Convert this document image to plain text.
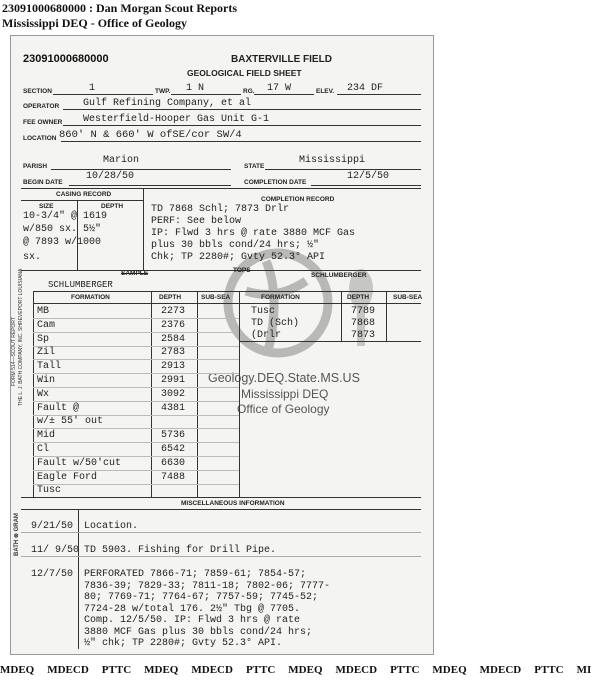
23091000680000 : Dan Morgan Scout Reports
Mississippi DEQ - Office of Geology
Geology.DEQ.State.MS.US
Mississippi DEQ
Office of Geology
23091000680000	BAXTERVILLE FIELD
GEOLOGICAL FIELD SHEET
SECTION	1	TWP. 1 N	RG. 17 W	ELEV. 234 DF
OPERATOR Gulf Refining Company, et al
FEE OWNER Westerfield-Hooper Gas Unit G-1
LOCATION 860' N & 660' W ofSE/cor SW/4
PARISH
Marion
STATE
Mississippi
BEGIN DATE
10/28/50
COMPLETION DATE
12/5/50
CASING RECORD
SIZE	DEPTH
10-3/4" @ 1619
w/850 sx. 5½"
@ 7893 w/1000
sx.
COMPLETION RECORD
TD 7868 Schl; 7873 Drlr
PERF: See below
IP: Flwd 3 hrs @ rate 3880 MCF Gas
plus 30 bbls cond/24 hrs; ½"
Chk; TP 2280#; Gvty 52.3° API
SAMPLE	TOPS
SCHLUMBERGER
SCHLUMBERGER
FORMATION	DEPTH	SUB-SEA	FORMATION	DEPTH	SUB-SEA
MB	2273
Cam	2376
Sp	2584
Zil	2783
Tall	2913
Win	2991
Wx	3092
Fault @	4381
w/± 55' out
Mid	5736
Cl	6542
Fault w/50'cut	6630
Eagle Ford	7488
Tusc
Tusc	7789
TD (Sch)	7868
(Drlr	7873
MISCELLANEOUS INFORMATION
9/21/50 Location.
11/ 9/50 TD 5903. Fishing for Drill Pipe.
12/7/50 PERFORATED 7866-71; 7859-61; 7854-57;
7836-39; 7829-33; 7811-18; 7802-06; 7777-
80; 7769-71; 7764-67; 7757-59; 7745-52;
7724-28 w/total 176. 2½" Tbg @ 7705.
Comp. 12/5/50. IP: Flwd 3 hrs @ rate
3880 MCF Gas plus 30 bbls cond/24 hrs;
½" chk; TP 2280#; Gvty 52.3° API.
FORM 514—SCOUT REPORT THE L. J. BATH COMPANY, INC. SHREVEPORT LOUISIANA
BATH ⊗ GRAM
MDEQ MDECD PTTC MDEQ MDECD PTTC MDEQ MDECD PTTC MDEQ MDECD PTTC MI
